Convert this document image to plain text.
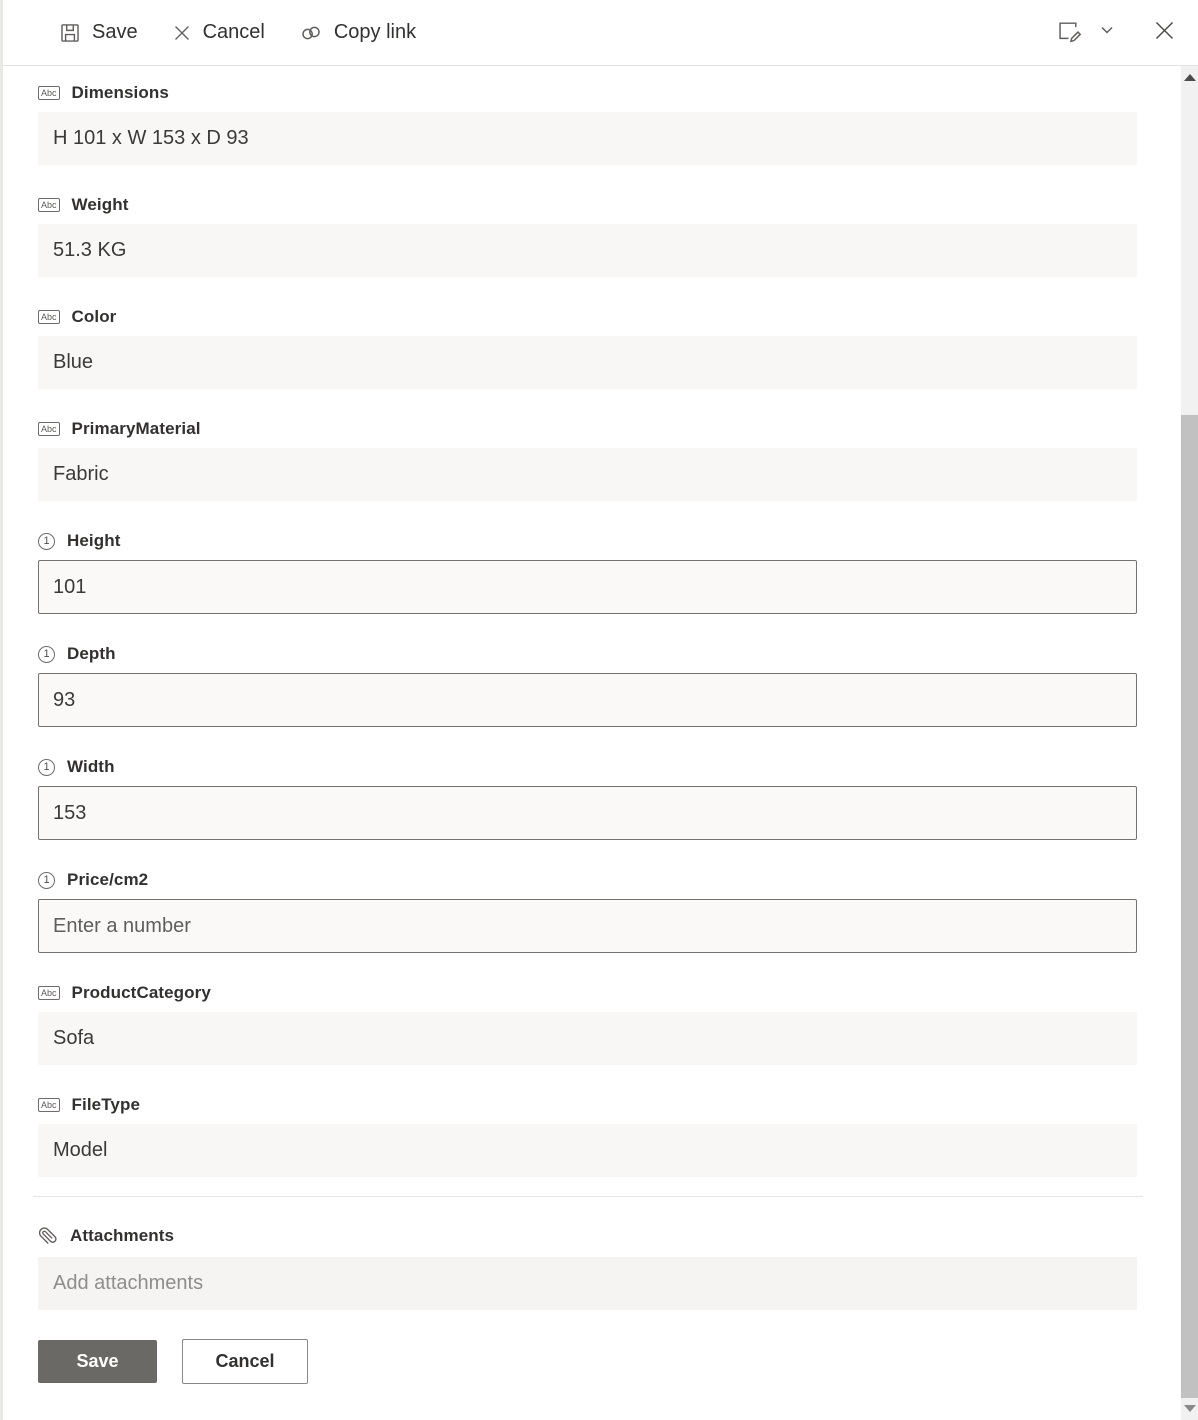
Save	Cancel	Copy link
Abc Dimensions
H 101 x W 153 x D 93
Abc Weight
51.3 KG
Abc Color
Blue
Abc PrimaryMaterial
Fabric
1	Height
101
1	Depth
93
1	Width
153
1	Price/cm2
Enter a number
Abc ProductCategory
Sofa
Abc FileType
Model
Attachments
Add attachments
Save	Cancel
